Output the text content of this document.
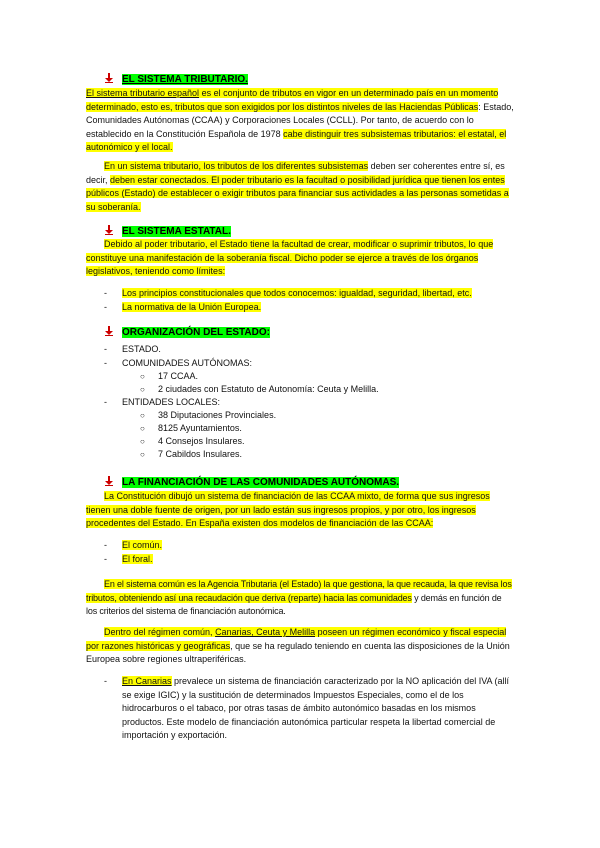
EL SISTEMA TRIBUTARIO.

El sistema tributario español es el conjunto de tributos en vigor en un determinado país en un momento determinado, esto es, tributos que son exigidos por los distintos niveles de las Haciendas Públicas: Estado, Comunidades Autónomas (CCAA) y Corporaciones Locales (CCLL). Por tanto, de acuerdo con lo establecido en la Constitución Española de 1978 cabe distinguir tres subsistemas tributarios: el estatal, el autonómico y el local.

En un sistema tributario, los tributos de los diferentes subsistemas deben ser coherentes entre sí, es decir, deben estar conectados. El poder tributario es la facultad o posibilidad jurídica que tienen los entes públicos (Estado) de establecer o exigir tributos para financiar sus actividades a las personas sometidas a su soberanía.

EL SISTEMA ESTATAL.

Debido al poder tributario, el Estado tiene la facultad de crear, modificar o suprimir tributos, lo que constituye una manifestación de la soberanía fiscal. Dicho poder se ejerce a través de los órganos legislativos, teniendo como límites:

- Los principios constitucionales que todos conocemos: igualdad, seguridad, libertad, etc.
- La normativa de la Unión Europea.
ORGANIZACIÓN DEL ESTADO:
- ESTADO.
- COMUNIDADES AUTÓNOMAS:
○ 17 CCAA.
○ 2 ciudades con Estatuto de Autonomía: Ceuta y Melilla.
- ENTIDADES LOCALES:
○ 38 Diputaciones Provinciales.
○ 8125 Ayuntamientos.
○ 4 Consejos Insulares.
○ 7 Cabildos Insulares.
LA FINANCIACIÓN DE LAS COMUNIDADES AUTÓNOMAS.

La Constitución dibujó un sistema de financiación de las CCAA mixto, de forma que sus ingresos tienen una doble fuente de origen, por un lado están sus ingresos propios, y por otro, los ingresos procedentes del Estado. En España existen dos modelos de financiación de las CCAA:

- El común.
- El foral.

En el sistema común es la Agencia Tributaria (el Estado) la que gestiona, la que recauda, la que revisa los tributos, obteniendo así una recaudación que deriva (reparte) hacia las comunidades y demás en función de los criterios del sistema de financiación autonómica.

Dentro del régimen común, Canarias, Ceuta y Melilla poseen un régimen económico y fiscal especial por razones históricas y geográficas, que se ha regulado teniendo en cuenta las disposiciones de la Unión Europea sobre regiones ultraperiféricas.

- En Canarias prevalece un sistema de financiación caracterizado por la NO aplicación del IVA (allí se exige IGIC) y la sustitución de determinados Impuestos Especiales, como el de los hidrocarburos o el tabaco, por otras tasas de ámbito autonómico basadas en los mismos productos. Este modelo de financiación autonómica particular respeta la libertad comercial de importación y exportación.
